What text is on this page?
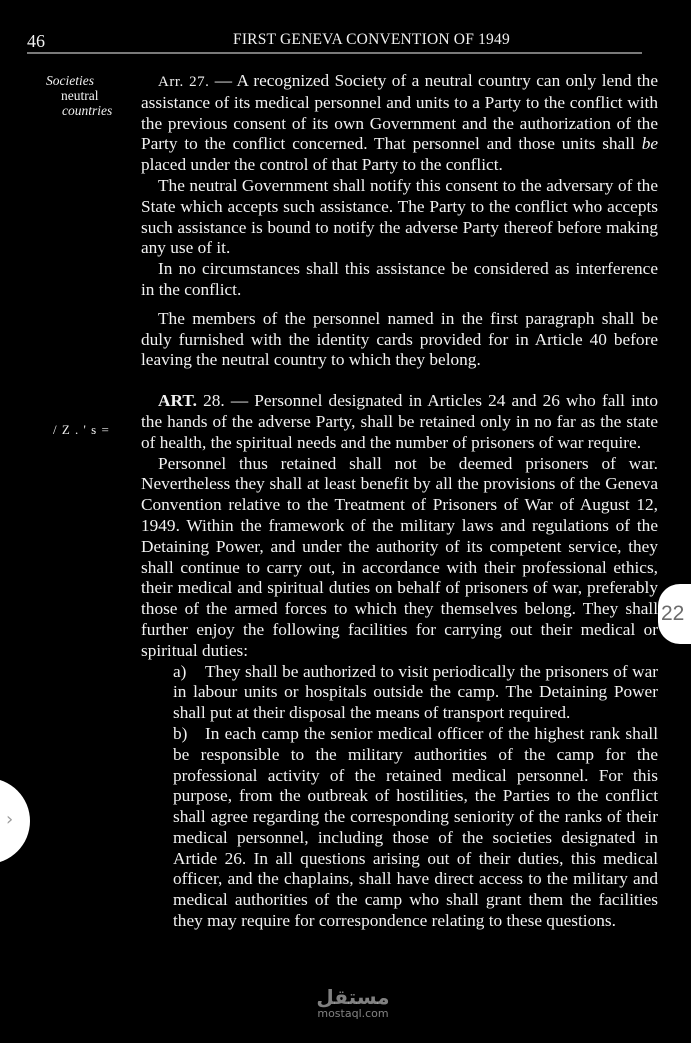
46	FIRST GENEVA CONVENTION OF 1949
Societies
neutral
countries
/ Z . ' s =

Arr. 27. — A recognized Society of a neutral country can only lend the assistance of its medical personnel and units to a Party to the conflict with the previous consent of its own Government and the authorization of the Party to the conflict concerned. That personnel and those units shall be placed under the control of that Party to the conflict.

The neutral Government shall notify this consent to the adversary of the State which accepts such assistance. The Party to the conflict who accepts such assistance is bound to notify the adverse Party thereof before making any use of it.

In no circumstances shall this assistance be considered as interference in the conflict.

The members of the personnel named in the first paragraph shall be duly furnished with the identity cards provided for in Article 40 before leaving the neutral country to which they belong.

ART. 28. — Personnel designated in Articles 24 and 26 who fall into the hands of the adverse Party, shall be retained only in no far as the state of health, the spiritual needs and the number of prisoners of war require.

Personnel thus retained shall not be deemed prisoners of war. Nevertheless they shall at least benefit by all the provisions of the Geneva Convention relative to the Treatment of Prisoners of War of August 12, 1949. Within the framework of the military laws and regulations of the Detaining Power, and under the authority of its competent service, they shall continue to carry out, in accordance with their professional ethics, their medical and spiritual duties on behalf of prisoners of war, preferably those of the armed forces to which they themselves belong. They shall further enjoy the following facilities for carrying out their medical or spiritual duties:

a) They shall be authorized to visit periodically the prisoners of war in labour units or hospitals outside the camp. The Detaining Power shall put at their disposal the means of transport required.

b) In each camp the senior medical officer of the highest rank shall be responsible to the military authorities of the camp for the professional activity of the retained medical personnel. For this purpose, from the outbreak of hostilities, the Parties to the conflict shall agree regarding the corresponding seniority of the ranks of their medical personnel, including those of the societies designated in Artide 26. In all questions arising out of their duties, this medical officer, and the chaplains, shall have direct access to the military and medical authorities of the camp who shall grant them the facilities they may require for correspondence relating to these questions.

22
›
مستقل
mostaql.com
